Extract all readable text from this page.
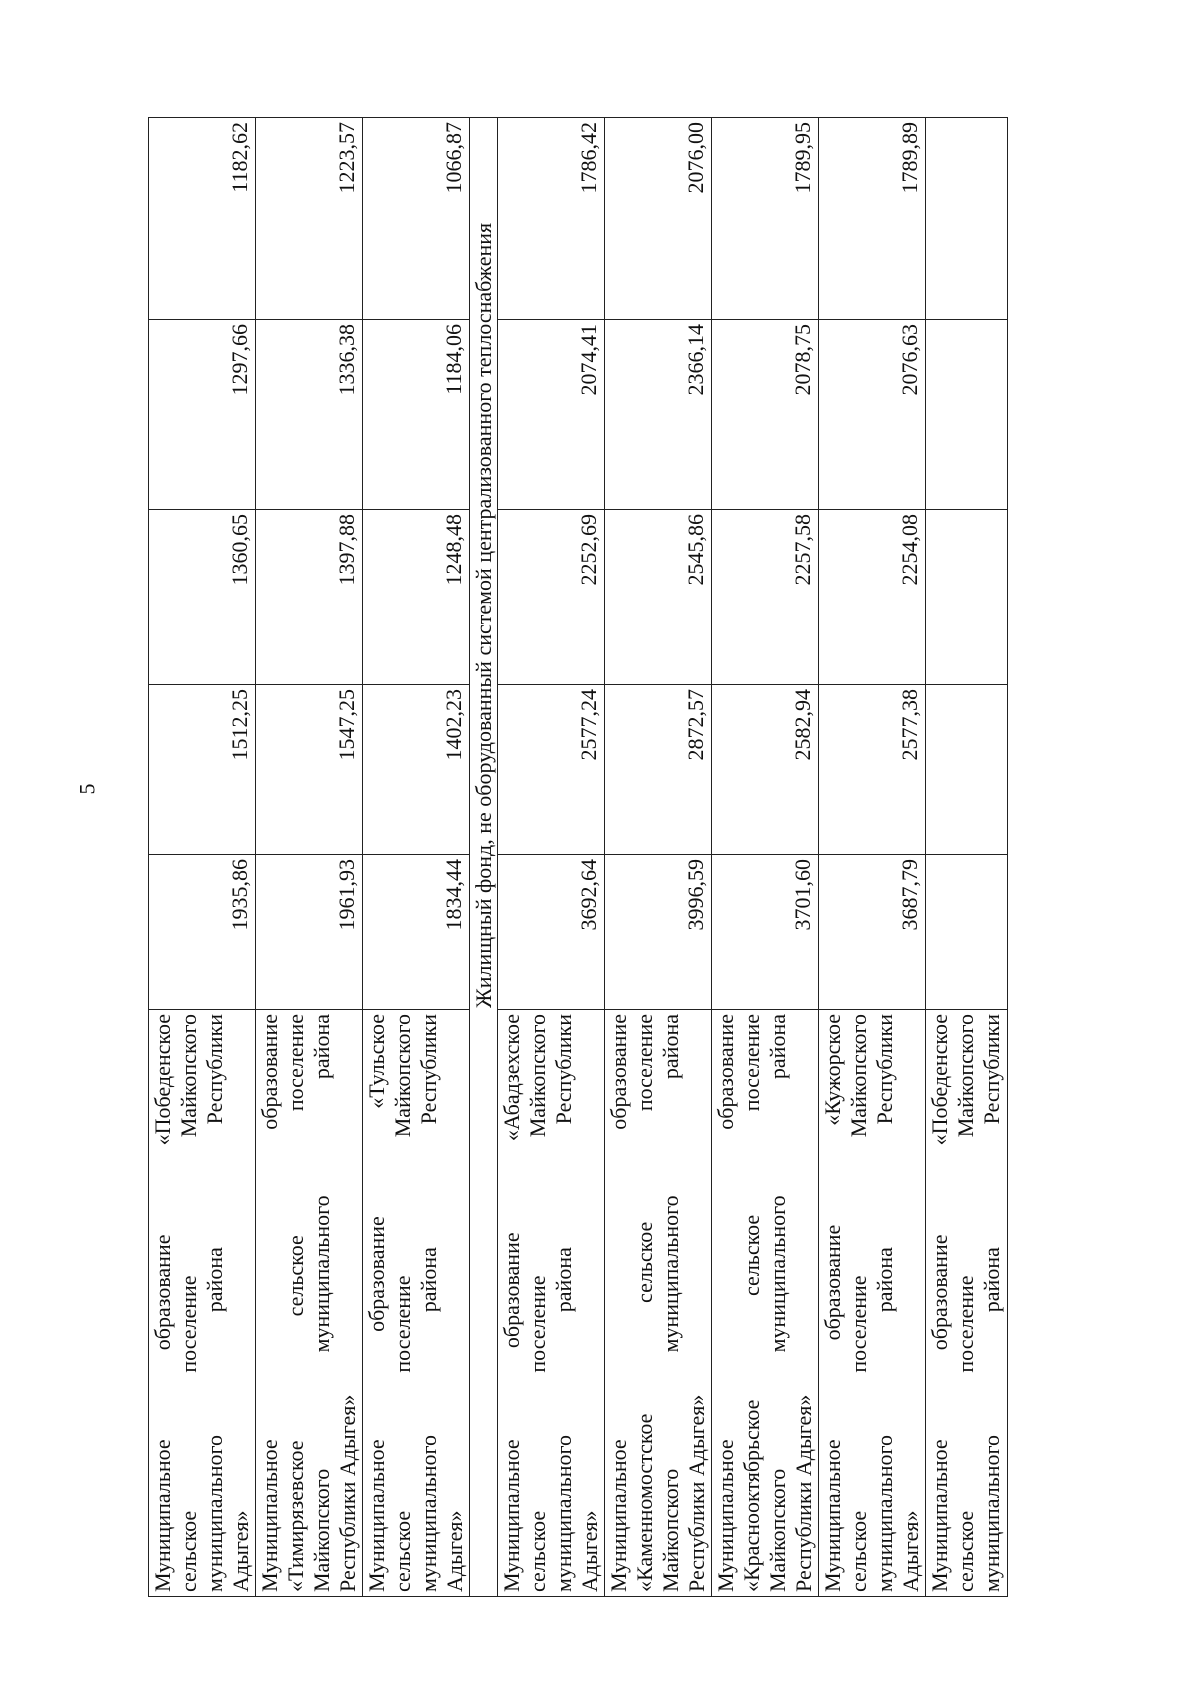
5
Муниципальное образование «Победенское сельское поселение Майкопского муниципального района Республики Адыгея»	1935,86	1512,25	1360,65	1297,66	1182,62

Муниципальное образование «Тимирязевское сельское поселение Майкопского муниципального района Республики Адыгея»	1961,93	1547,25	1397,88	1336,38	1223,57

Муниципальное образование «Тульское сельское поселение Майкопского муниципального района Республики Адыгея»	1834,44	1402,23	1248,48	1184,06	1066,87
Жилищный фонд, не оборудованный системой централизованного теплоснабжения					

Муниципальное образование «Абадзехское сельское поселение Майкопского муниципального района Республики Адыгея»	3692,64	2577,24	2252,69	2074,41	1786,42

Муниципальное образование «Каменномостское сельское поселение Майкопского муниципального района Республики Адыгея»	3996,59	2872,57	2545,86	2366,14	2076,00

Муниципальное образование «Краснооктябрьское сельское поселение Майкопского муниципального района Республики Адыгея»	3701,60	2582,94	2257,58	2078,75	1789,95

Муниципальное образование «Кужорское сельское поселение Майкопского муниципального района Республики Адыгея»	3687,79	2577,38	2254,08	2076,63	1789,89

Муниципальное образование «Победенское сельское поселение Майкопского муниципального района Республики					
